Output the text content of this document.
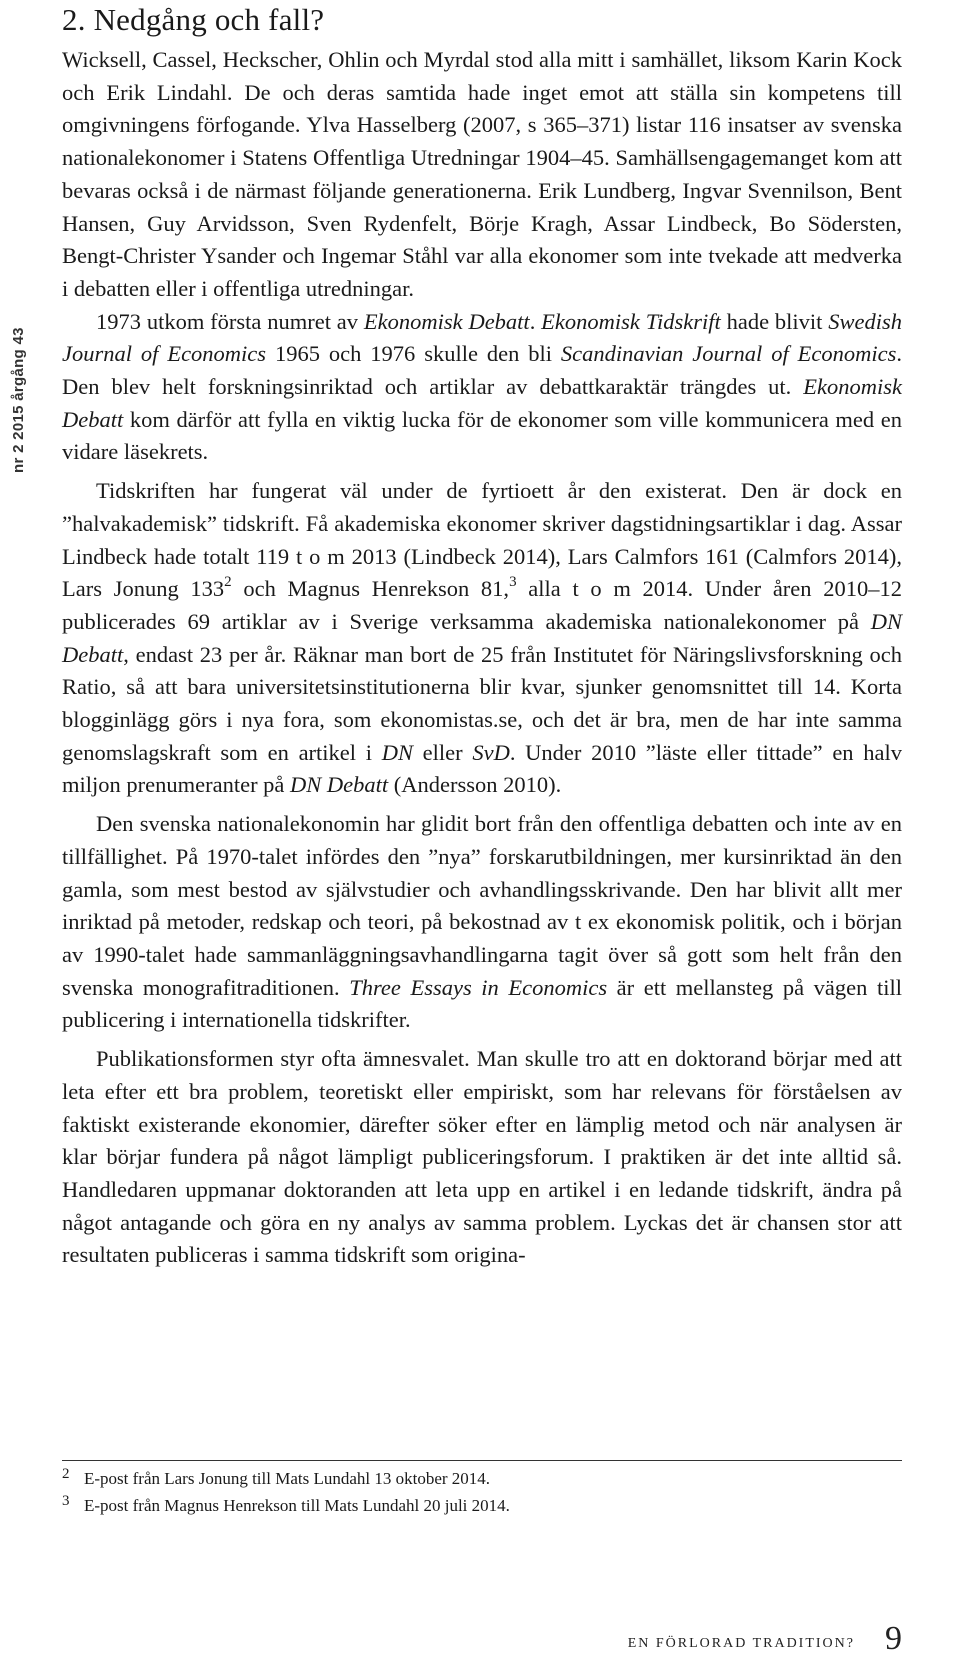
nr 2 2015 årgång 43
2. Nedgång och fall?

Wicksell, Cassel, Heckscher, Ohlin och Myrdal stod alla mitt i samhället, liksom Karin Kock och Erik Lindahl. De och deras samtida hade inget emot att ställa sin kompetens till omgivningens förfogande. Ylva Hasselberg (2007, s 365–371) listar 116 insatser av svenska nationalekonomer i Statens Offentliga Utredningar 1904–45. Samhällsengagemanget kom att bevaras också i de närmast följande generationerna. Erik Lundberg, Ingvar Svennilson, Bent Hansen, Guy Arvidsson, Sven Rydenfelt, Börje Kragh, Assar Lindbeck, Bo Södersten, Bengt-Christer Ysander och Ingemar Ståhl var alla ekonomer som inte tvekade att medverka i debatten eller i offentliga utredningar.

1973 utkom första numret av Ekonomisk Debatt. Ekonomisk Tidskrift hade blivit Swedish Journal of Economics 1965 och 1976 skulle den bli Scandinavian Journal of Economics. Den blev helt forskningsinriktad och artiklar av debattkaraktär trängdes ut. Ekonomisk Debatt kom därför att fylla en viktig lucka för de ekonomer som ville kommunicera med en vidare läsekrets.

Tidskriften har fungerat väl under de fyrtioett år den existerat. Den är dock en ”halvakademisk” tidskrift. Få akademiska ekonomer skriver dagstidningsartiklar i dag. Assar Lindbeck hade totalt 119 t o m 2013 (Lindbeck 2014), Lars Calmfors 161 (Calmfors 2014), Lars Jonung $133^2$ och Magnus Henrekson 81,$^3$ alla t o m 2014. Under åren 2010–12 publicerades 69 artiklar av i Sverige verksamma akademiska nationalekonomer på DN Debatt, endast 23 per år. Räknar man bort de 25 från Institutet för Näringslivsforskning och Ratio, så att bara universitetsinstitutionerna blir kvar, sjunker genomsnittet till 14. Korta blogginlägg görs i nya fora, som ekonomistas.se, och det är bra, men de har inte samma genomslagskraft som en artikel i DN eller SvD. Under 2010 ”läste eller tittade” en halv miljon prenumeranter på DN Debatt (Andersson 2010).

Den svenska nationalekonomin har glidit bort från den offentliga debatten och inte av en tillfällighet. På 1970-talet infördes den ”nya” forskarutbildningen, mer kursinriktad än den gamla, som mest bestod av självstudier och avhandlingsskrivande. Den har blivit allt mer inriktad på metoder, redskap och teori, på bekostnad av t ex ekonomisk politik, och i början av 1990-talet hade sammanläggningsavhandlingarna tagit över så gott som helt från den svenska monografitraditionen. Three Essays in Economics är ett mellansteg på vägen till publicering i internationella tidskrifter.

Publikationsformen styr ofta ämnesvalet. Man skulle tro att en doktorand börjar med att leta efter ett bra problem, teoretiskt eller empiriskt, som har relevans för förståelsen av faktiskt existerande ekonomier, därefter söker efter en lämplig metod och när analysen är klar börjar fundera på något lämpligt publiceringsforum. I praktiken är det inte alltid så. Handledaren uppmanar doktoranden att leta upp en artikel i en ledande tidskrift, ändra på något antagande och göra en ny analys av samma problem. Lyckas det är chansen stor att resultaten publiceras i samma tidskrift som origina-

2 E-post från Lars Jonung till Mats Lundahl 13 oktober 2014.
3 E-post från Magnus Henrekson till Mats Lundahl 20 juli 2014.
EN FÖRLORAD TRADITION? 9
